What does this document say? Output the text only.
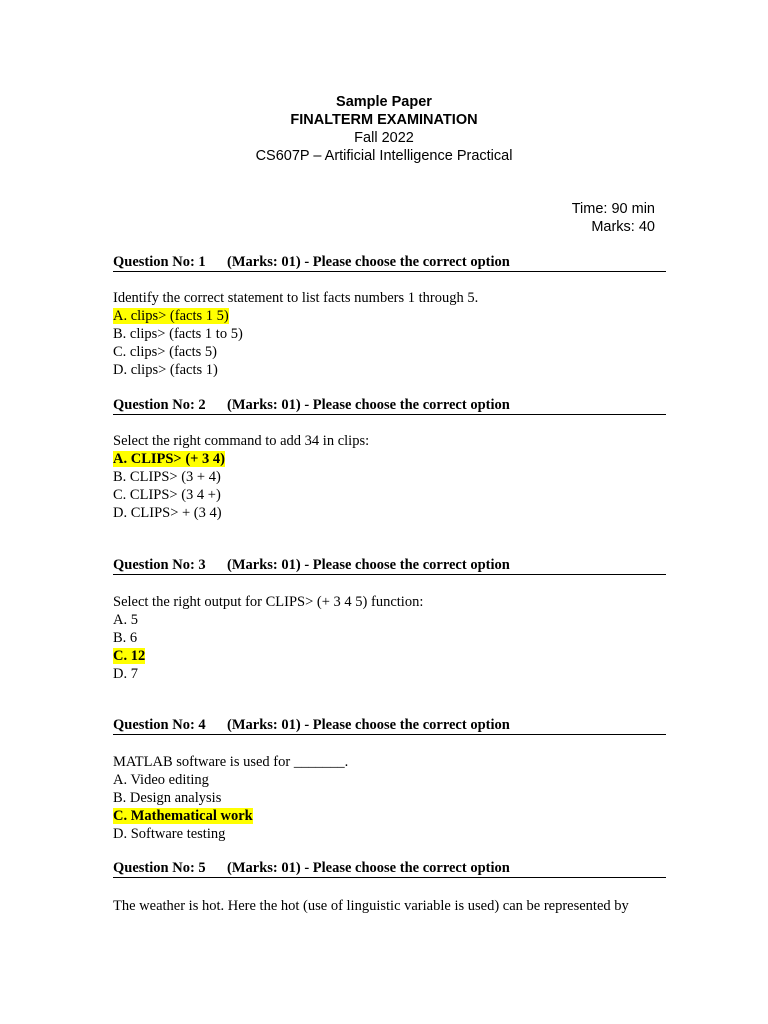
Sample Paper
FINALTERM EXAMINATION
Fall 2022
CS607P – Artificial Intelligence Practical
Time: 90 min
Marks: 40
Question No: 1 (Marks: 01) - Please choose the correct option
Identify the correct statement to list facts numbers 1 through 5.
A. clips> (facts 1 5)
B. clips> (facts 1 to 5)
C. clips> (facts 5)
D. clips> (facts 1)
Question No: 2 (Marks: 01) - Please choose the correct option
Select the right command to add 34 in clips:
A. CLIPS> (+ 3 4)
B. CLIPS> (3 + 4)
C. CLIPS> (3 4 +)
D. CLIPS> + (3 4)
Question No: 3 (Marks: 01) - Please choose the correct option
Select the right output for CLIPS> (+ 3 4 5) function:
A. 5
B. 6
C. 12
D. 7
Question No: 4 (Marks: 01) - Please choose the correct option
MATLAB software is used for _______.
A. Video editing
B. Design analysis
C. Mathematical work
D. Software testing
Question No: 5 (Marks: 01) - Please choose the correct option
The weather is hot. Here the hot (use of linguistic variable is used) can be represented by
